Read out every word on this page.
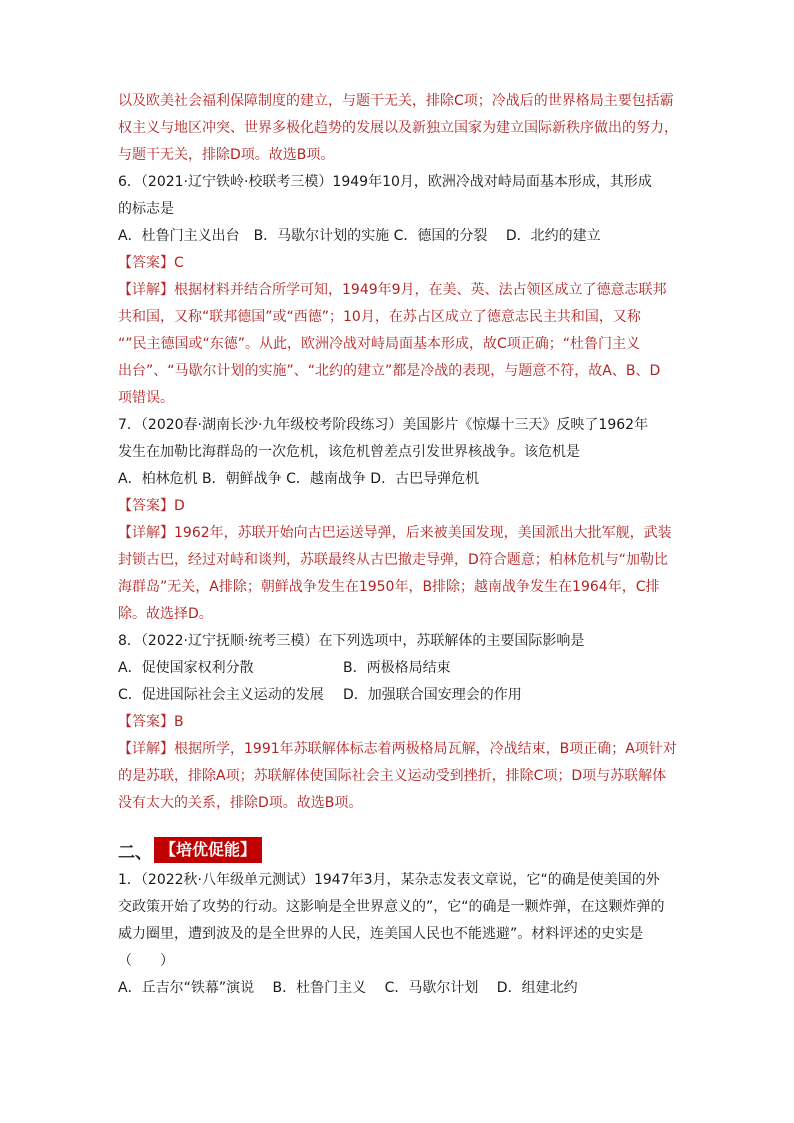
以及欧美社会福利保障制度的建立，与题干无关，排除C项；冷战后的世界格局主要包括霸
权主义与地区冲突、世界多极化趋势的发展以及新独立国家为建立国际新秩序做出的努力，
与题干无关，排除D项。故选B项。
6．（2021·辽宁铁岭·校联考三模）1949年10月，欧洲冷战对峙局面基本形成，其形成
的标志是
A．杜鲁门主义出台　B．马歇尔计划的实施 C．德国的分裂　 D．北约的建立
【答案】C
【详解】根据材料并结合所学可知，1949年9月，在美、英、法占领区成立了德意志联邦
共和国，又称“联邦德国”或“西德”；10月，在苏占区成立了德意志民主共和国，又称
“”民主德国或“东德”。从此，欧洲冷战对峙局面基本形成，故C项正确；“杜鲁门主义
出台”、“马歇尔计划的实施”、“北约的建立”都是冷战的表现，与题意不符，故A、B、D
项错误。
7．（2020春·湖南长沙·九年级校考阶段练习）美国影片《惊爆十三天》反映了1962年
发生在加勒比海群岛的一次危机，该危机曾差点引发世界核战争。该危机是
A．柏林危机 B．朝鲜战争 C．越南战争 D．古巴导弹危机
【答案】D
【详解】1962年，苏联开始向古巴运送导弹，后来被美国发现，美国派出大批军舰，武装
封锁古巴，经过对峙和谈判，苏联最终从古巴撤走导弹，D符合题意；柏林危机与“加勒比
海群岛”无关，A排除；朝鲜战争发生在1950年，B排除；越南战争发生在1964年，C排
除。故选择D。
8．（2022·辽宁抚顺·统考三模）在下列选项中，苏联解体的主要国际影响是
A．促使国家权利分散	B．两极格局结束
C．促进国际社会主义运动的发展 D．加强联合国安理会的作用
【答案】B
【详解】根据所学，1991年苏联解体标志着两极格局瓦解，冷战结束，B项正确；A项针对
的是苏联，排除A项；苏联解体使国际社会主义运动受到挫折，排除C项；D项与苏联解体
没有太大的关系，排除D项。故选B项。
二、 【培优促能】
1．（2022秋·八年级单元测试）1947年3月，某杂志发表文章说，它“的确是使美国的外
交政策开始了攻势的行动。这影响是全世界意义的”，它“的确是一颗炸弹，在这颗炸弹的
威力圈里，遭到波及的是全世界的人民，连美国人民也不能逃避”。材料评述的史实是
（　　）
A．丘吉尔“铁幕”演说　 B．杜鲁门主义　 C．马歇尔计划　 D．组建北约
